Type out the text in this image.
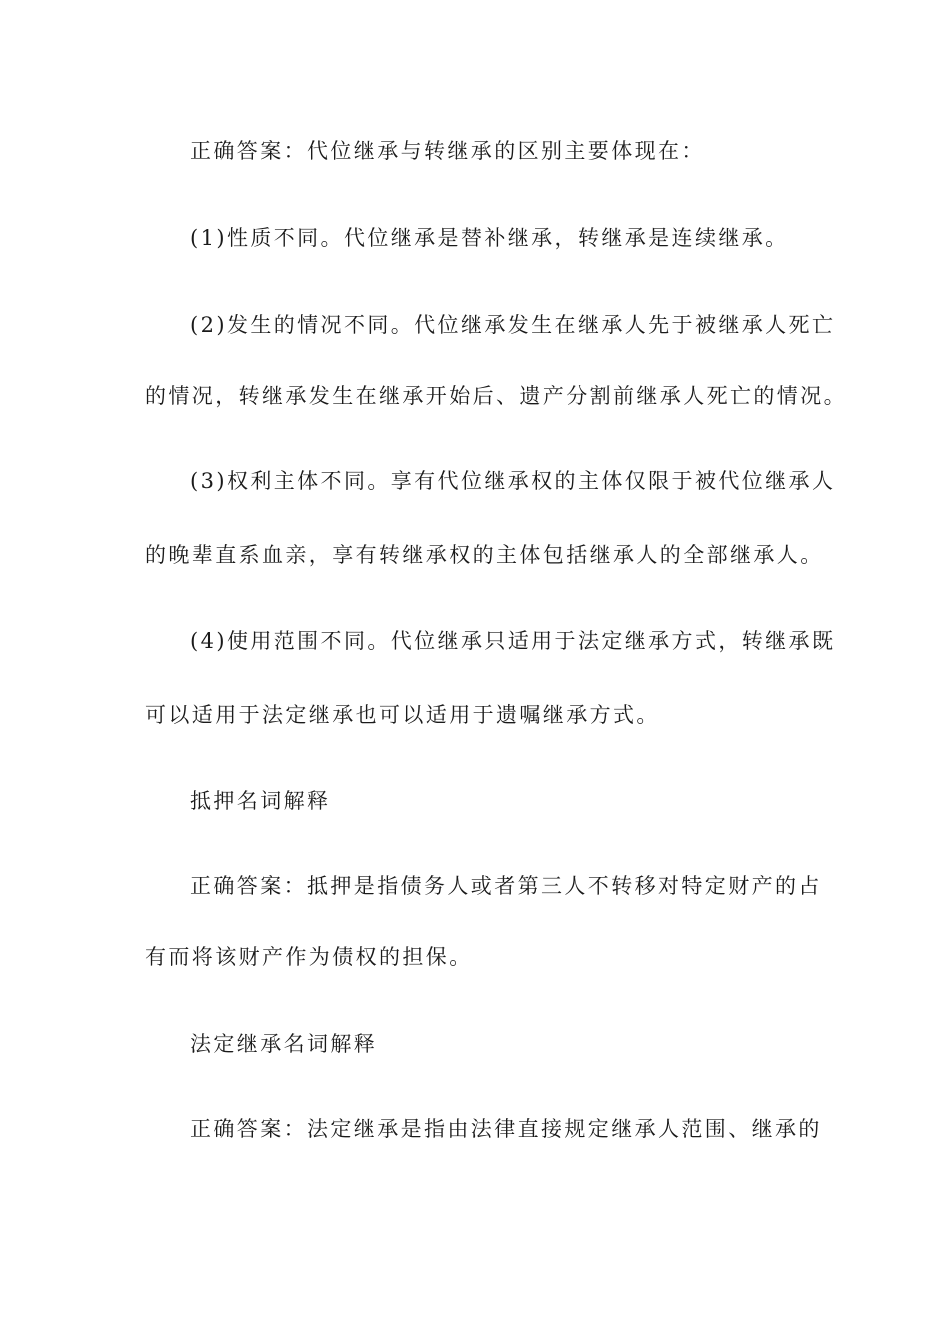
正确答案：代位继承与转继承的区别主要体现在：
(1)性质不同。代位继承是替补继承，转继承是连续继承。
(2)发生的情况不同。代位继承发生在继承人先于被继承人死亡
的情况，转继承发生在继承开始后、遗产分割前继承人死亡的情况。
(3)权利主体不同。享有代位继承权的主体仅限于被代位继承人
的晚辈直系血亲，享有转继承权的主体包括继承人的全部继承人。
(4)使用范围不同。代位继承只适用于法定继承方式，转继承既
可以适用于法定继承也可以适用于遗嘱继承方式。
抵押名词解释
正确答案：抵押是指债务人或者第三人不转移对特定财产的占
有而将该财产作为债权的担保。
法定继承名词解释
正确答案：法定继承是指由法律直接规定继承人范围、继承的
